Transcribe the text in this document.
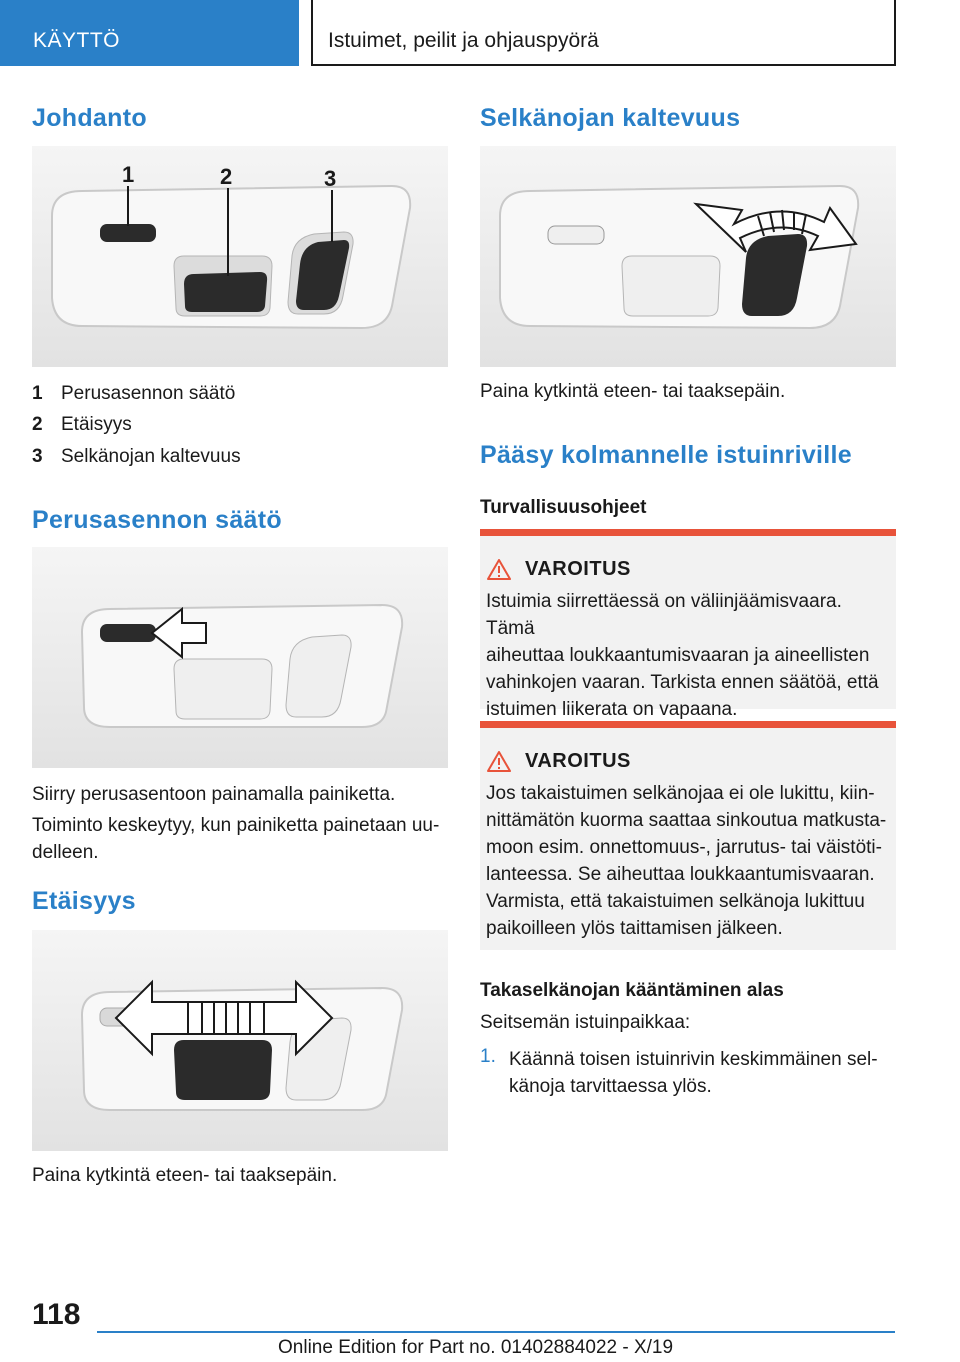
KÄYTTÖ	Istuimet, peilit ja ohjauspyörä
Johdanto
1	2	3
1 Perusasennon säätö
2 Etäisyys
3 Selkänojan kaltevuus
Perusasennon säätö
Siirry perusasentoon painamalla painiketta.
Toiminto keskeytyy, kun painiketta painetaan uu-
delleen.
Etäisyys
Paina kytkintä eteen- tai taaksepäin.
Selkänojan kaltevuus
Paina kytkintä eteen- tai taaksepäin.
Pääsy kolmannelle istuinriville
Turvallisuusohjeet
VAROITUS
Istuimia siirrettäessä on väliinjäämisvaara. Tämä
aiheuttaa loukkaantumisvaaran ja aineellisten
vahinkojen vaaran. Tarkista ennen säätöä, että
istuimen liikerata on vapaana.
VAROITUS
Jos takaistuimen selkänojaa ei ole lukittu, kiin-
nittämätön kuorma saattaa sinkoutua matkusta-
moon esim. onnettomuus-, jarrutus- tai väistöti-
lanteessa. Se aiheuttaa loukkaantumisvaaran.
Varmista, että takaistuimen selkänoja lukittuu
paikoilleen ylös taittamisen jälkeen.
Takaselkänojan kääntäminen alas
Seitsemän istuinpaikkaa:
1. Käännä toisen istuinrivin keskimmäinen sel-
känoja tarvittaessa ylös.
118
Online Edition for Part no. 01402884022 - X/19
